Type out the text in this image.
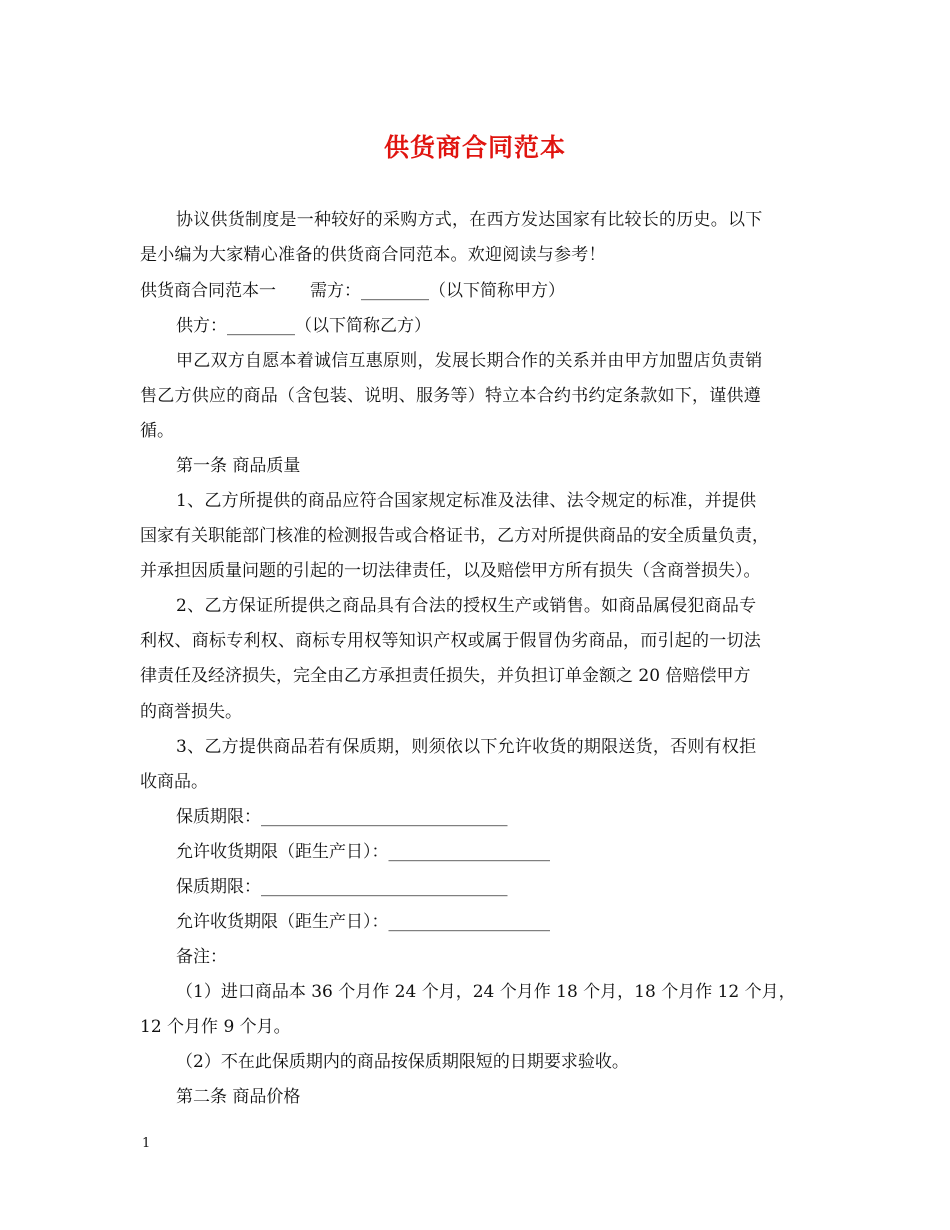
供货商合同范本
协议供货制度是一种较好的采购方式，在西方发达国家有比较长的历史。以下
是小编为大家精心准备的供货商合同范本。欢迎阅读与参考！
供货商合同范本一　　需方：________（以下简称甲方）
供方：________（以下简称乙方）
甲乙双方自愿本着诚信互惠原则，发展长期合作的关系并由甲方加盟店负责销
售乙方供应的商品（含包装、说明、服务等）特立本合约书约定条款如下，谨供遵
循。
第一条 商品质量
1、乙方所提供的商品应符合国家规定标准及法律、法令规定的标准，并提供
国家有关职能部门核准的检测报告或合格证书，乙方对所提供商品的安全质量负责，
并承担因质量问题的引起的一切法律责任，以及赔偿甲方所有损失（含商誉损失）。
2、乙方保证所提供之商品具有合法的授权生产或销售。如商品属侵犯商品专
利权、商标专利权、商标专用权等知识产权或属于假冒伪劣商品，而引起的一切法
律责任及经济损失，完全由乙方承担责任损失，并负担订单金额之 20 倍赔偿甲方
的商誉损失。
3、乙方提供商品若有保质期，则须依以下允许收货的期限送货，否则有权拒
收商品。
保质期限：_____________________________
允许收货期限（距生产日）：___________________
保质期限：_____________________________
允许收货期限（距生产日）：___________________
备注：
（1）进口商品本 36 个月作 24 个月，24 个月作 18 个月，18 个月作 12 个月，
12 个月作 9 个月。
（2）不在此保质期内的商品按保质期限短的日期要求验收。
第二条 商品价格
1
